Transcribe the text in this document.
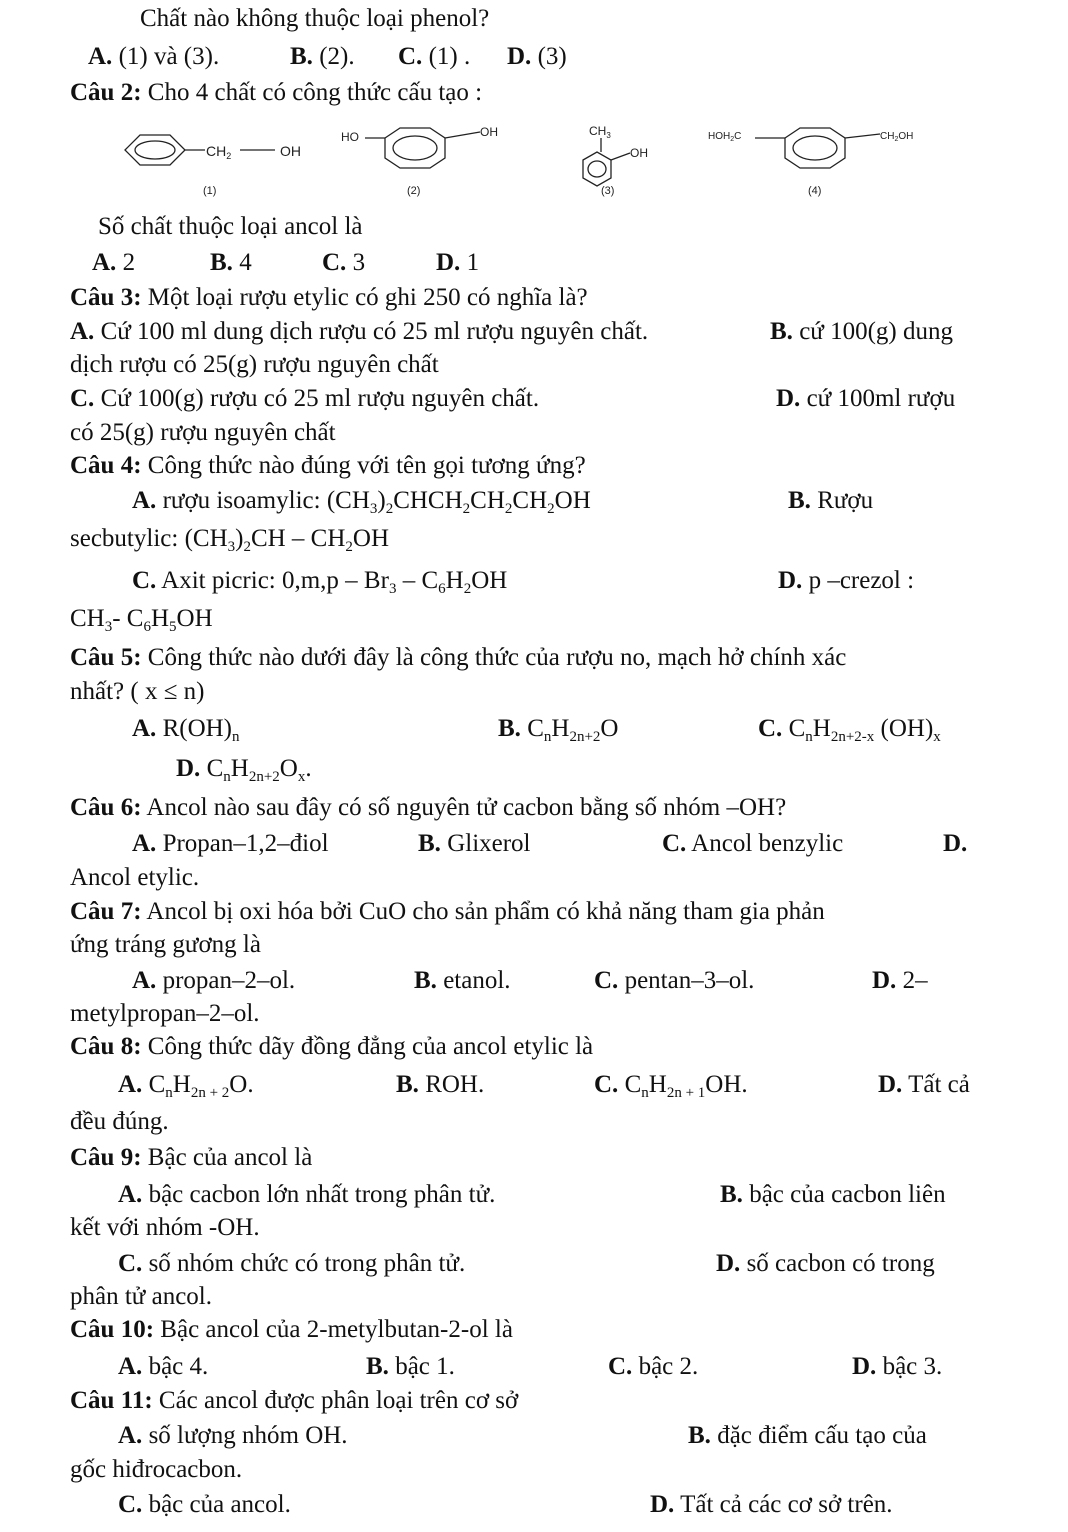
Chất nào không thuộc loại phenol?
A. (1) và (3).	B. (2). C. (1) . D. (3)
Câu 2: Cho 4 chất có công thức cấu tạo :
$CH_2$	OH
(1)
HO	OH
(2)
$CH_3$
OH
(3)
$HOH_2C$	$CH_2OH$
(4)
Số chất thuộc loại ancol là
A. 2	B. 4	C. 3	D. 1
Câu 3: Một loại rượu etylic có ghi 250 có nghĩa là?
A. Cứ 100 ml dung dịch rượu có 25 ml rượu nguyên chất.	B. cứ 100(g) dung
dịch rượu có 25(g) rượu nguyên chất
C. Cứ 100(g) rượu có 25 ml rượu nguyên chất.	D. cứ 100ml rượu
có 25(g) rượu nguyên chất
Câu 4: Công thức nào đúng với tên gọi tương ứng?
A. rượu isoamylic: $(CH_3)_2CHCH_2CH_2CH_2OH$	B. Rượu
secbutylic: $(CH_3)_2CH - CH_2OH$
C. Axit picric: $0,m,p - Br_3 - C_6H_2OH$	D. p –crezol :
$CH_3-$ $C_6H_5OH$
Câu 5: Công thức nào dưới đây là công thức của rượu no, mạch hở chính xác
nhất? ( x ≤ n)
A. $R(OH)_n$	B. $C_nH_{2n+2}O$	C. $C_nH_{2n+2-x}$ $(OH)_x$
D. $C_nH_{2n+2}O_x$.
Câu 6: Ancol nào sau đây có số nguyên tử cacbon bằng số nhóm –OH?
A. Propan–1,2–điol	B. Glixerol	C. Ancol benzylic	D.
Ancol etylic.
Câu 7: Ancol bị oxi hóa bởi CuO cho sản phẩm có khả năng tham gia phản
ứng tráng gương là
A. propan–2–ol.	B. etanol.	C. pentan–3–ol.	D. 2–
metylpropan–2–ol.
Câu 8: Công thức dãy đồng đẳng của ancol etylic là
A. $C_nH_{2n + 2}O$.	B. ROH.	C. $C_nH_{2n + 1}OH$.	D. Tất cả
đều đúng.
Câu 9: Bậc của ancol là
A. bậc cacbon lớn nhất trong phân tử.	B. bậc của cacbon liên
kết với nhóm -OH.
C. số nhóm chức có trong phân tử.	D. số cacbon có trong
phân tử ancol.
Câu 10: Bậc ancol của 2-metylbutan-2-ol là
A. bậc 4.	B. bậc 1.	C. bậc 2.	D. bậc 3.
Câu 11: Các ancol được phân loại trên cơ sở
A. số lượng nhóm OH.	B. đặc điểm cấu tạo của
gốc hiđrocacbon.
C. bậc của ancol.	D. Tất cả các cơ sở trên.
